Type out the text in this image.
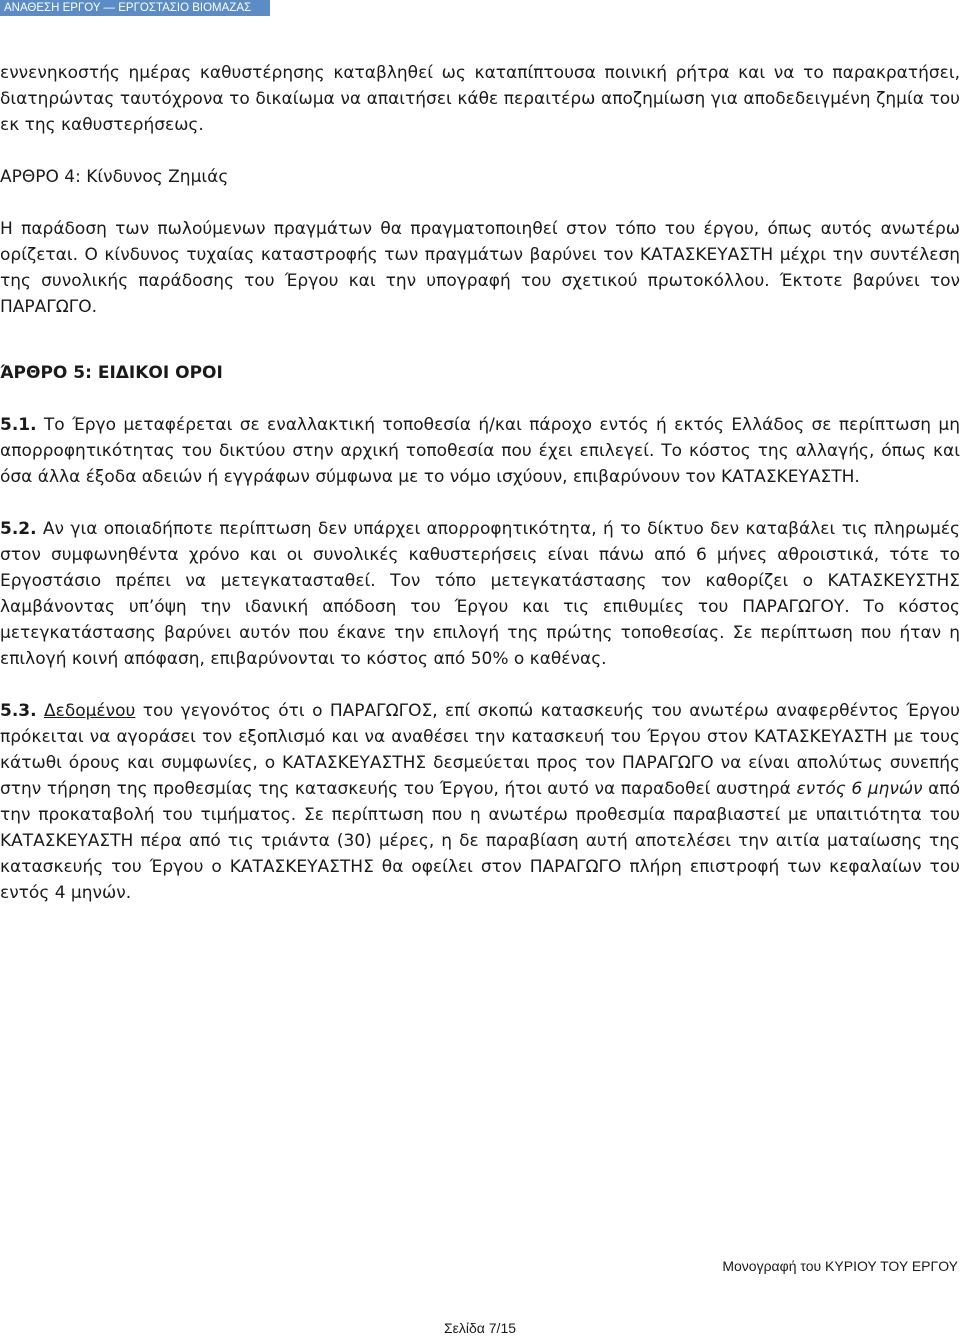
ΑΝΑΘΕΣΗ ΕΡΓΟΥ — ΕΡΓΟΣΤΑΣΙΟ ΒΙΟΜΑΖΑΣ

εννενηκοστής ημέρας καθυστέρησης καταβληθεί ως καταπίπτουσα ποινική ρήτρα και να το παρακρατήσει, διατηρώντας ταυτόχρονα το δικαίωμα να απαιτήσει κάθε περαιτέρω αποζημίωση για αποδεδειγμένη ζημία του εκ της καθυστερήσεως.

ΑΡΘΡΟ 4: Κίνδυνος Ζημιάς

Η παράδοση των πωλούμενων πραγμάτων θα πραγματοποιηθεί στον τόπο του έργου, όπως αυτός ανωτέρω ορίζεται. Ο κίνδυνος τυχαίας καταστροφής των πραγμάτων βαρύνει τον ΚΑΤΑΣΚΕΥΑΣΤΗ μέχρι την συντέλεση της συνολικής παράδοσης του Έργου και την υπογραφή του σχετικού πρωτοκόλλου. Έκτοτε βαρύνει τον ΠΑΡΑΓΩΓΟ.

ΆΡΘΡΟ 5: ΕΙΔΙΚΟΙ ΟΡΟΙ

5.1. Το Έργο μεταφέρεται σε εναλλακτική τοποθεσία ή/και πάροχο εντός ή εκτός Ελλάδος σε περίπτωση μη απορροφητικότητας του δικτύου στην αρχική τοποθεσία που έχει επιλεγεί. Το κόστος της αλλαγής, όπως και όσα άλλα έξοδα αδειών ή εγγράφων σύμφωνα με το νόμο ισχύουν, επιβαρύνουν τον ΚΑΤΑΣΚΕΥΑΣΤΗ.

5.2. Αν για οποιαδήποτε περίπτωση δεν υπάρχει απορροφητικότητα, ή το δίκτυο δεν καταβάλει τις πληρωμές στον συμφωνηθέντα χρόνο και οι συνολικές καθυστερήσεις είναι πάνω από 6 μήνες αθροιστικά, τότε το Εργοστάσιο πρέπει να μετεγκατασταθεί. Τον τόπο μετεγκατάστασης τον καθορίζει ο ΚΑΤΑΣΚΕΥΣΤΗΣ λαμβάνοντας υπ’όψη την ιδανική απόδοση του Έργου και τις επιθυμίες του ΠΑΡΑΓΩΓΟΥ. Το κόστος μετεγκατάστασης βαρύνει αυτόν που έκανε την επιλογή της πρώτης τοποθεσίας. Σε περίπτωση που ήταν η επιλογή κοινή απόφαση, επιβαρύνονται το κόστος από 50% ο καθένας.

5.3. Δεδομένου του γεγονότος ότι ο ΠΑΡΑΓΩΓΟΣ, επί σκοπώ κατασκευής του ανωτέρω αναφερθέντος Έργου πρόκειται να αγοράσει τον εξοπλισμό και να αναθέσει την κατασκευή του Έργου στον ΚΑΤΑΣΚΕΥΑΣΤΗ με τους κάτωθι όρους και συμφωνίες, ο ΚΑΤΑΣΚΕΥΑΣΤΗΣ δεσμεύεται προς τον ΠΑΡΑΓΩΓΟ να είναι απολύτως συνεπής στην τήρηση της προθεσμίας της κατασκευής του Έργου, ήτοι αυτό να παραδοθεί αυστηρά εντός 6 μηνών από την προκαταβολή του τιμήματος. Σε περίπτωση που η ανωτέρω προθεσμία παραβιαστεί με υπαιτιότητα του ΚΑΤΑΣΚΕΥΑΣΤΗ πέρα από τις τριάντα (30) μέρες, η δε παραβίαση αυτή αποτελέσει την αιτία ματαίωσης της κατασκευής του Έργου ο ΚΑΤΑΣΚΕΥΑΣΤΗΣ θα οφείλει στον ΠΑΡΑΓΩΓΟ πλήρη επιστροφή των κεφαλαίων του εντός 4 μηνών.

Μονογραφή του ΚΥΡΙΟΥ ΤΟΥ ΕΡΓΟΥ
Σελίδα 7/15
